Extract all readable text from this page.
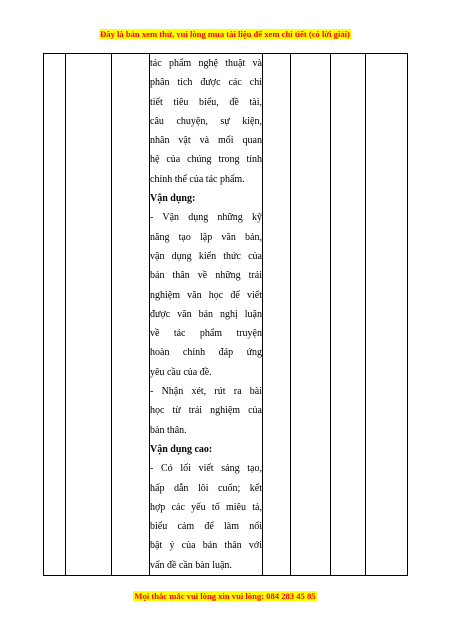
Đây là bản xem thử, vui lòng mua tài liệu để xem chi tiết (có lời giải)

tác phẩm nghệ thuật và

phân tích được các chi

tiết tiêu biểu, đề tài,

câu chuyện, sự kiện,

nhân vật và mối quan

hệ của chúng trong tính

chỉnh thể của tác phẩm.

Vận dụng:

- Vận dụng những kỹ

năng tạo lập văn bản,

vận dụng kiến thức của

bản thân về những trải

nghiệm văn học để viết

được văn bản nghị luận

về tác phẩm truyện

hoàn chỉnh đáp ứng

yêu cầu của đề.

- Nhận xét, rút ra bài

học từ trải nghiệm của

bản thân.

Vận dụng cao:

- Có lối viết sáng tạo,

hấp dẫn lôi cuốn; kết

hợp các yếu tố miêu tả,

biểu cảm để làm nổi

bật ý của bản thân với

vấn đề cần bàn luận.

Mọi thắc mắc vui lòng xin vui lòng: 084 283 45 85
